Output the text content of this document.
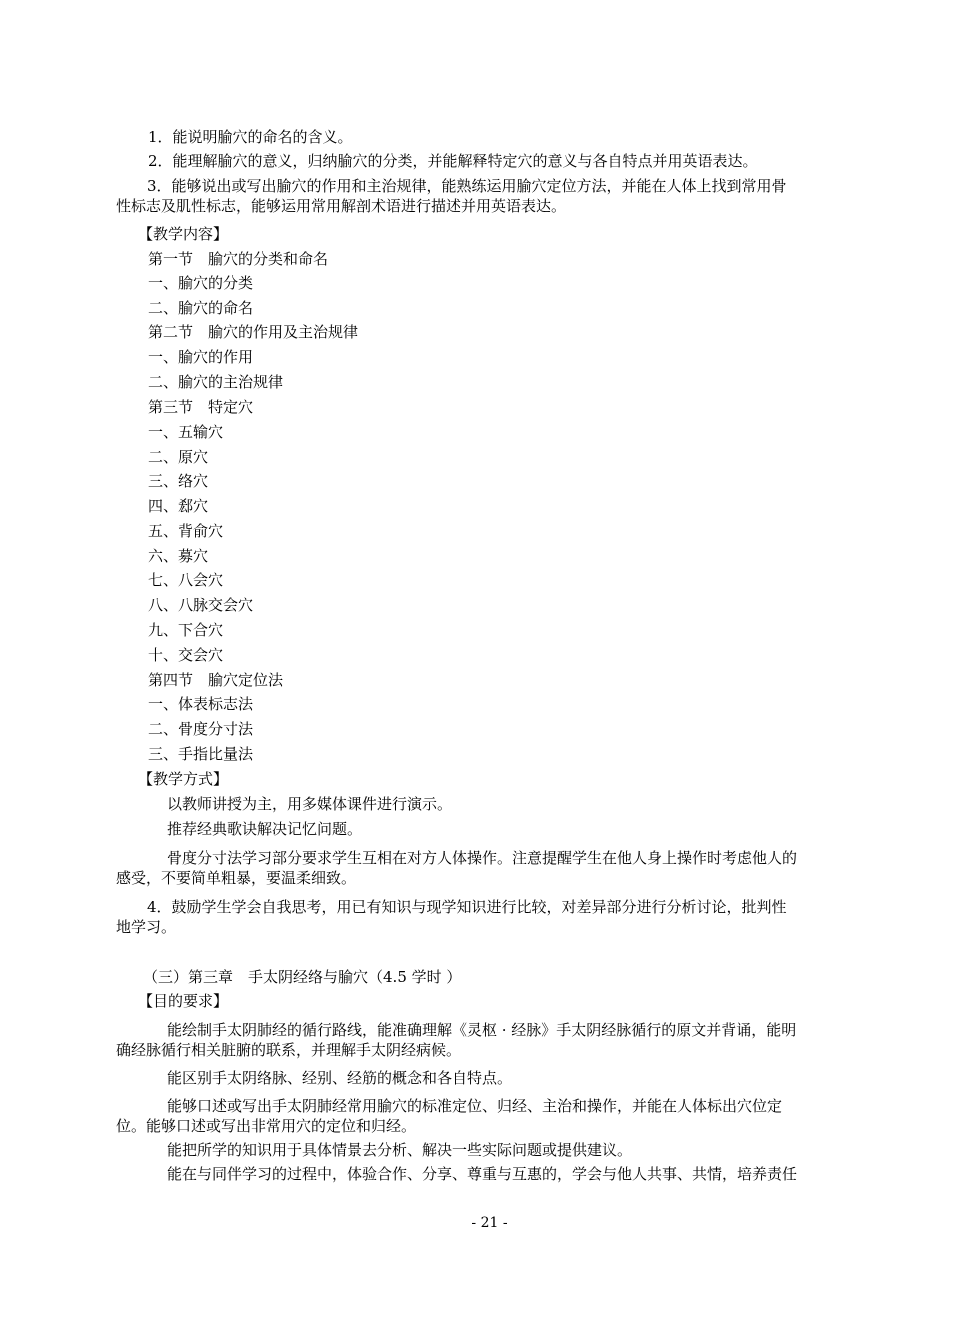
1．能说明腧穴的命名的含义。
2．能理解腧穴的意义，归纳腧穴的分类，并能解释特定穴的意义与各自特点并用英语表达。
3．能够说出或写出腧穴的作用和主治规律，能熟练运用腧穴定位方法，并能在人体上找到常用骨
性标志及肌性标志，能够运用常用解剖术语进行描述并用英语表达。
【教学内容】
第一节　腧穴的分类和命名
一、腧穴的分类
二、腧穴的命名
第二节　腧穴的作用及主治规律
一、腧穴的作用
二、腧穴的主治规律
第三节　特定穴
一、五输穴
二、原穴
三、络穴
四、郄穴
五、背俞穴
六、募穴
七、八会穴
八、八脉交会穴
九、下合穴
十、交会穴
第四节　腧穴定位法
一、体表标志法
二、骨度分寸法
三、手指比量法
【教学方式】
以教师讲授为主，用多媒体课件进行演示。
推荐经典歌诀解决记忆问题。
骨度分寸法学习部分要求学生互相在对方人体操作。注意提醒学生在他人身上操作时考虑他人的
感受，不要简单粗暴，要温柔细致。
4．鼓励学生学会自我思考，用已有知识与现学知识进行比较，对差异部分进行分析讨论，批判性
地学习。
（三）第三章　手太阴经络与腧穴（4.5 学时 ）
【目的要求】
能绘制手太阴肺经的循行路线，能准确理解《灵枢 · 经脉》手太阴经脉循行的原文并背诵，能明
确经脉循行相关脏腑的联系，并理解手太阴经病候。
能区别手太阴络脉、经别、经筋的概念和各自特点。
能够口述或写出手太阴肺经常用腧穴的标准定位、归经、主治和操作，并能在人体标出穴位定
位。能够口述或写出非常用穴的定位和归经。
能把所学的知识用于具体情景去分析、解决一些实际问题或提供建议。
能在与同伴学习的过程中，体验合作、分享、尊重与互惠的，学会与他人共事、共情，培养责任
- 21 -
